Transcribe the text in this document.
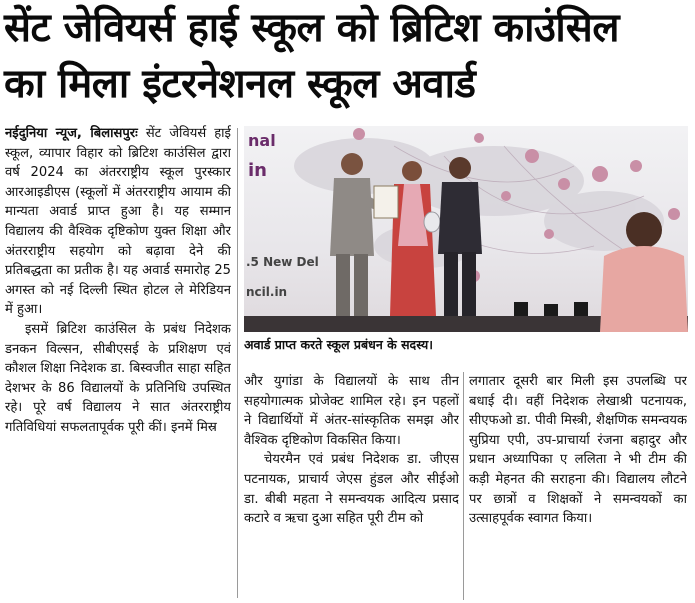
सेंट जेवियर्स हाई स्कूल को ब्रिटिश काउंसिल
का मिला इंटरनेशनल स्कूल अवार्ड

नईदुनिया न्यूज, बिलासपुरः सेंट जेवियर्स हाई स्कूल, व्यापार विहार को ब्रिटिश काउंसिल द्वारा वर्ष 2024 का अंतरराष्ट्रीय स्कूल पुरस्कार आरआइडीएस (स्कूलों में अंतरराष्ट्रीय आयाम की मान्यता अवार्ड प्राप्त हुआ है। यह सम्मान विद्यालय की वैश्विक दृष्टिकोण युक्त शिक्षा और अंतरराष्ट्रीय सहयोग को बढ़ावा देने की प्रतिबद्धता का प्रतीक है। यह अवार्ड समारोह 25 अगस्त को नई दिल्ली स्थित होटल ले मेरिडियन में हुआ।

इसमें ब्रिटिश काउंसिल के प्रबंध निदेशक डनकन विल्सन, सीबीएसई के प्रशिक्षण एवं कौशल शिक्षा निदेशक डा. बिस्वजीत साहा सहित देशभर के 86 विद्यालयों के प्रतिनिधि उपस्थित रहे। पूरे वर्ष विद्यालय ने सात अंतरराष्ट्रीय गतिविधियां सफलतापूर्वक पूरी कीं। इनमें मिस्र

nal
in
.5 New Del
ncil.in
अवार्ड प्राप्त करते स्कूल प्रबंधन के सदस्य।

और युगांडा के विद्यालयों के साथ तीन सहयोगात्मक प्रोजेक्ट शामिल रहे। इन पहलों ने विद्यार्थियों में अंतर-सांस्कृतिक समझ और वैश्विक दृष्टिकोण विकसित किया।

चेयरमैन एवं प्रबंध निदेशक डा. जीएस पटनायक, प्राचार्य जेएस हुंडल और सीईओ डा. बीबी महता ने समन्वयक आदित्य प्रसाद कटारे व ऋचा दुआ सहित पूरी टीम को

लगातार दूसरी बार मिली इस उपलब्धि पर बधाई दी। वहीं निदेशक लेखाश्री पटनायक, सीएफओ डा. पीवी मिस्त्री, शैक्षणिक समन्वयक सुप्रिया एपी, उप-प्राचार्या रंजना बहादुर और प्रधान अध्यापिका ए ललिता ने भी टीम की कड़ी मेहनत की सराहना की। विद्यालय लौटने पर छात्रों व शिक्षकों ने समन्वयकों का उत्साहपूर्वक स्वागत किया।
